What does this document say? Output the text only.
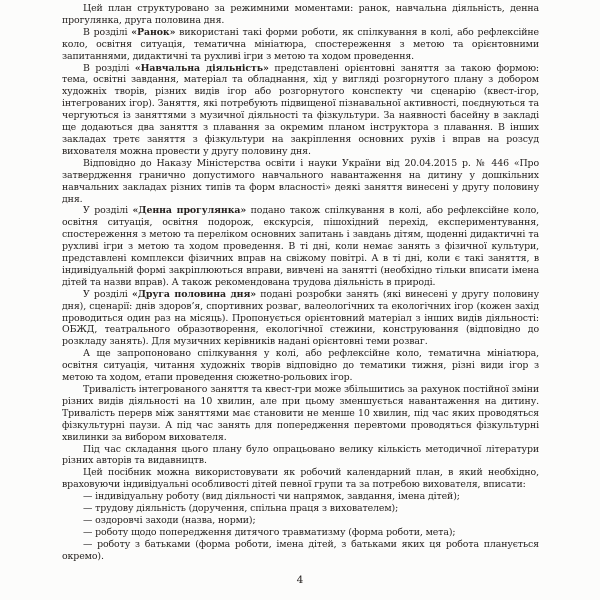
Цей план структуровано за режимними моментами: ранок, навчальна діяльність, денна прогулянка, друга половина дня.

В розділі «Ранок» використані такі форми роботи, як спілкування в колі, або рефлексійне коло, освітня ситуація, тематична мініатюра, спостереження з метою та орієнтовними запитаннями, дидактичні та рухливі ігри з метою та ходом проведення.

В розділі «Навчальна діяльність» представлені орієнтовні заняття за такою формою: тема, освітні завдання, матеріал та обладнання, хід у вигляді розгорнутого плану з добором художніх творів, різних видів ігор або розгорнутого конспекту чи сценарію (квест-ігор, інтегрованих ігор). Заняття, які потребують підвищеної пізнавальної активності, поєднуються та чергуються із заняттями з музичної діяльності та фізкультури. За наявності басейну в закладі ще додаються два заняття з плавання за окремим планом інструктора з плавання. В інших закладах третє заняття з фізкультури на закріплення основних рухів і вправ на розсуд вихователя можна провести у другу половину дня.

Відповідно до Наказу Міністерства освіти і науки України від 20.04.2015 р. № 446 «Про затвердження гранично допустимого навчального навантаження на дитину у дошкільних навчальних закладах різних типів та форм власності» деякі заняття винесені у другу половину дня.

У розділі «Денна прогулянка» подано також спілкування в колі, або рефлексійне коло, освітня ситуація, освітня подорож, екскурсія, пішохідний перехід, експериментування, спостереження з метою та переліком основних запитань і завдань дітям, щоденні дидактичні та рухливі ігри з метою та ходом проведення. В ті дні, коли немає занять з фізичної культури, представлені комплекси фізичних вправ на свіжому повітрі. А в ті дні, коли є такі заняття, в індивідуальній формі закріплюються вправи, вивчені на занятті (необхідно тільки вписати імена дітей та назви вправ). А також рекомендована трудова діяльність в природі.

У розділі «Друга половина дня» подані розробки занять (які винесені у другу половину дня), сценарії: днів здоров’я, спортивних розваг, валеологічних та екологічних ігор (кожен захід проводиться один раз на місяць). Пропонується орієнтовний матеріал з інших видів діяльності: ОБЖД, театрального образотворення, екологічної стежини, конструювання (відповідно до розкладу занять). Для музичних керівників надані орієнтовні теми розваг.

А ще запропоновано спілкування у колі, або рефлексійне коло, тематична мініатюра, освітня ситуація, читання художніх творів відповідно до тематики тижня, різні види ігор з метою та ходом, етапи проведення сюжетно-рольових ігор.

Тривалість інтегрованого заняття та квест-гри може збільшитись за рахунок постійної зміни різних видів діяльності на 10 хвилин, але при цьому зменшується навантаження на дитину. Тривалість перерв між заняттями має становити не менше 10 хвилин, під час яких проводяться фізкультурні паузи. А під час занять для попередження перевтоми проводяться фізкультурні хвилинки за вибором вихователя.

Під час складання цього плану було опрацьовано велику кількість методичної літератури різних авторів та видавництв.

Цей посібник можна використовувати як робочий календарний план, в який необхідно, враховуючи індивідуальні особливості дітей певної групи та за потребою вихователя, вписати:

— індивідуальну роботу (вид діяльності чи напрямок, завдання, імена дітей);

— трудову діяльність (доручення, спільна праця з вихователем);

— оздоровчі заходи (назва, норми);

— роботу щодо попередження дитячого травматизму (форма роботи, мета);

— роботу з батьками (форма роботи, імена дітей, з батьками яких ця робота планується окремо).

4
